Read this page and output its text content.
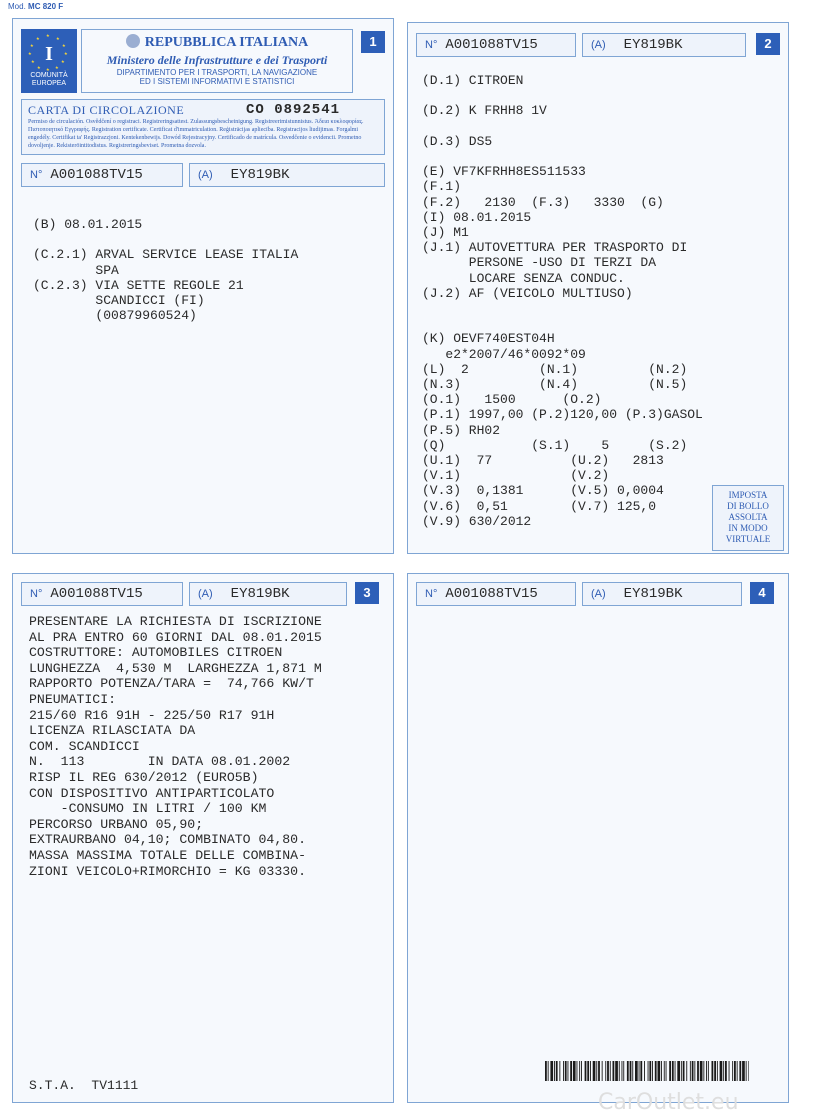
Mod. MC 820 F
★ ★
★
★
★
★
★
★
★
★
★
★
I
COMUNITÀ
EUROPEA
REPUBBLICA ITALIANA
Ministero delle Infrastrutture e dei Trasporti
DIPARTIMENTO PER I TRASPORTI, LA NAVIGAZIONE
ED I SISTEMI INFORMATIVI E STATISTICI
1
CARTA DI CIRCOLAZIONE	CO 0892541
Permiso de circulación. Osvědčení o registraci. Registreringsattest. Zulassungsbescheinigung. Registreerimistunnistus. Άδεια κυκλοφορίας. Πιστοποιητικό Εγγραφής. Registration certificate. Certificat d'immatriculation. Reģistrācijas apliecība. Registracijos liudijimas. Forgalmi engedély. Certifikat ta' Reġistrazzjoni. Kentekenbewijs. Dowód Rejestracyjny. Certificado de matrícula. Osvedčenie o evidencii. Prometno dovoljenje. Rekisteröintitodistus. Registreringsbeviset. Prometna dozvola.
$^{N^\circ}$ A001088TV15	$^{(A)}$ EY819BK
(B) 08.01.2015

(C.2.1) ARVAL SERVICE LEASE ITALIA
SPA
(C.2.3) VIA SETTE REGOLE 21
SCANDICCI (FI)
(00879960524)
$^{N^\circ}$ A001088TV15	$^{(A)}$ EY819BK	2
(D.1) CITROEN

(D.2) K FRHH8 1V

(D.3) DS5

(E) VF7KFRHH8ES511533
(F.1)
(F.2)   2130  (F.3)   3330  (G)
(I) 08.01.2015
(J) M1
(J.1) AUTOVETTURA PER TRASPORTO DI
PERSONE -USO DI TERZI DA
LOCARE SENZA CONDUC.
(J.2) AF (VEICOLO MULTIUSO)

(K) OEVF740EST04H
e2*2007/46*0092*09
(L)  2         (N.1)         (N.2)
(N.3)          (N.4)         (N.5)
(O.1)   1500      (O.2)
(P.1) 1997,00 (P.2)120,00 (P.3)GASOL
(P.5) RH02
(Q)           (S.1)    5     (S.2)
(U.1)  77          (U.2)   2813
(V.1)              (V.2)
(V.3)  0,1381      (V.5) 0,0004
(V.6)  0,51        (V.7) 125,0
(V.9) 630/2012
IMPOSTA
DI BOLLO
ASSOLTA
IN MODO
VIRTUALE
$^{N^\circ}$ A001088TV15	$^{(A)}$ EY819BK	3
PRESENTARE LA RICHIESTA DI ISCRIZIONE
AL PRA ENTRO 60 GIORNI DAL 08.01.2015
COSTRUTTORE: AUTOMOBILES CITROEN
LUNGHEZZA  4,530 M  LARGHEZZA 1,871 M
RAPPORTO POTENZA/TARA =  74,766 KW/T
PNEUMATICI:
215/60 R16 91H - 225/50 R17 91H
LICENZA RILASCIATA DA
COM. SCANDICCI
N.  113        IN DATA 08.01.2002
RISP IL REG 630/2012 (EURO5B)
CON DISPOSITIVO ANTIPARTICOLATO
-CONSUMO IN LITRI / 100 KM
PERCORSO URBANO 05,90;
EXTRAURBANO 04,10; COMBINATO 04,80.
MASSA MASSIMA TOTALE DELLE COMBINA-
ZIONI VEICOLO+RIMORCHIO = KG 03330.
S.T.A.  TV1111
$^{N^\circ}$ A001088TV15	$^{(A)}$ EY819BK	4
CarOutlet.eu
